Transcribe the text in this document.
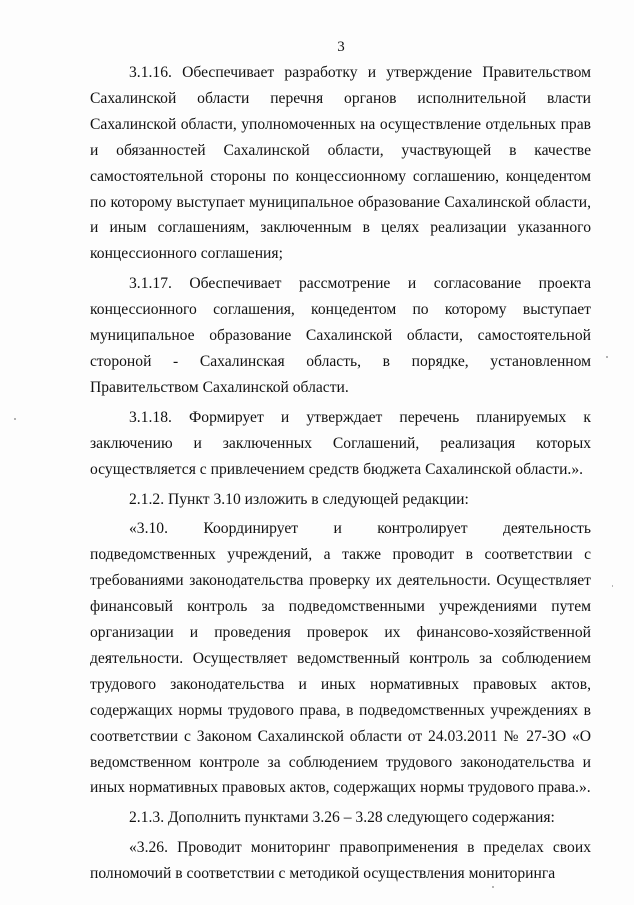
3

3.1.16. Обеспечивает разработку и утверждение Правительством Сахалинской области перечня органов исполнительной власти Сахалинской области, уполномоченных на осуществление отдельных прав и обязанностей Сахалинской области, участвующей в качестве самостоятельной стороны по концессионному соглашению, концедентом по которому выступает муниципальное образование Сахалинской области, и иным соглашениям, заключенным в целях реализации указанного концессионного соглашения;

3.1.17. Обеспечивает рассмотрение и согласование проекта концессионного соглашения, концедентом по которому выступает муниципальное образование Сахалинской области, самостоятельной стороной - Сахалинская область, в порядке, установленном Правительством Сахалинской области.

3.1.18. Формирует и утверждает перечень планируемых к заключению и заключенных Соглашений, реализация которых осуществляется с привлечением средств бюджета Сахалинской области.».

2.1.2. Пункт 3.10 изложить в следующей редакции:

«3.10. Координирует и контролирует деятельность подведомственных учреждений, а также проводит в соответствии с требованиями законодательства проверку их деятельности. Осуществляет финансовый контроль за подведомственными учреждениями путем организации и проведения проверок их финансово-хозяйственной деятельности. Осуществляет ведомственный контроль за соблюдением трудового законодательства и иных нормативных правовых актов, содержащих нормы трудового права, в подведомственных учреждениях в соответствии с Законом Сахалинской области от 24.03.2011 № 27-ЗО «О ведомственном контроле за соблюдением трудового законодательства и иных нормативных правовых актов, содержащих нормы трудового права.».

2.1.3. Дополнить пунктами 3.26 – 3.28 следующего содержания:

«3.26. Проводит мониторинг правоприменения в пределах своих полномочий в соответствии с методикой осуществления мониторинга
